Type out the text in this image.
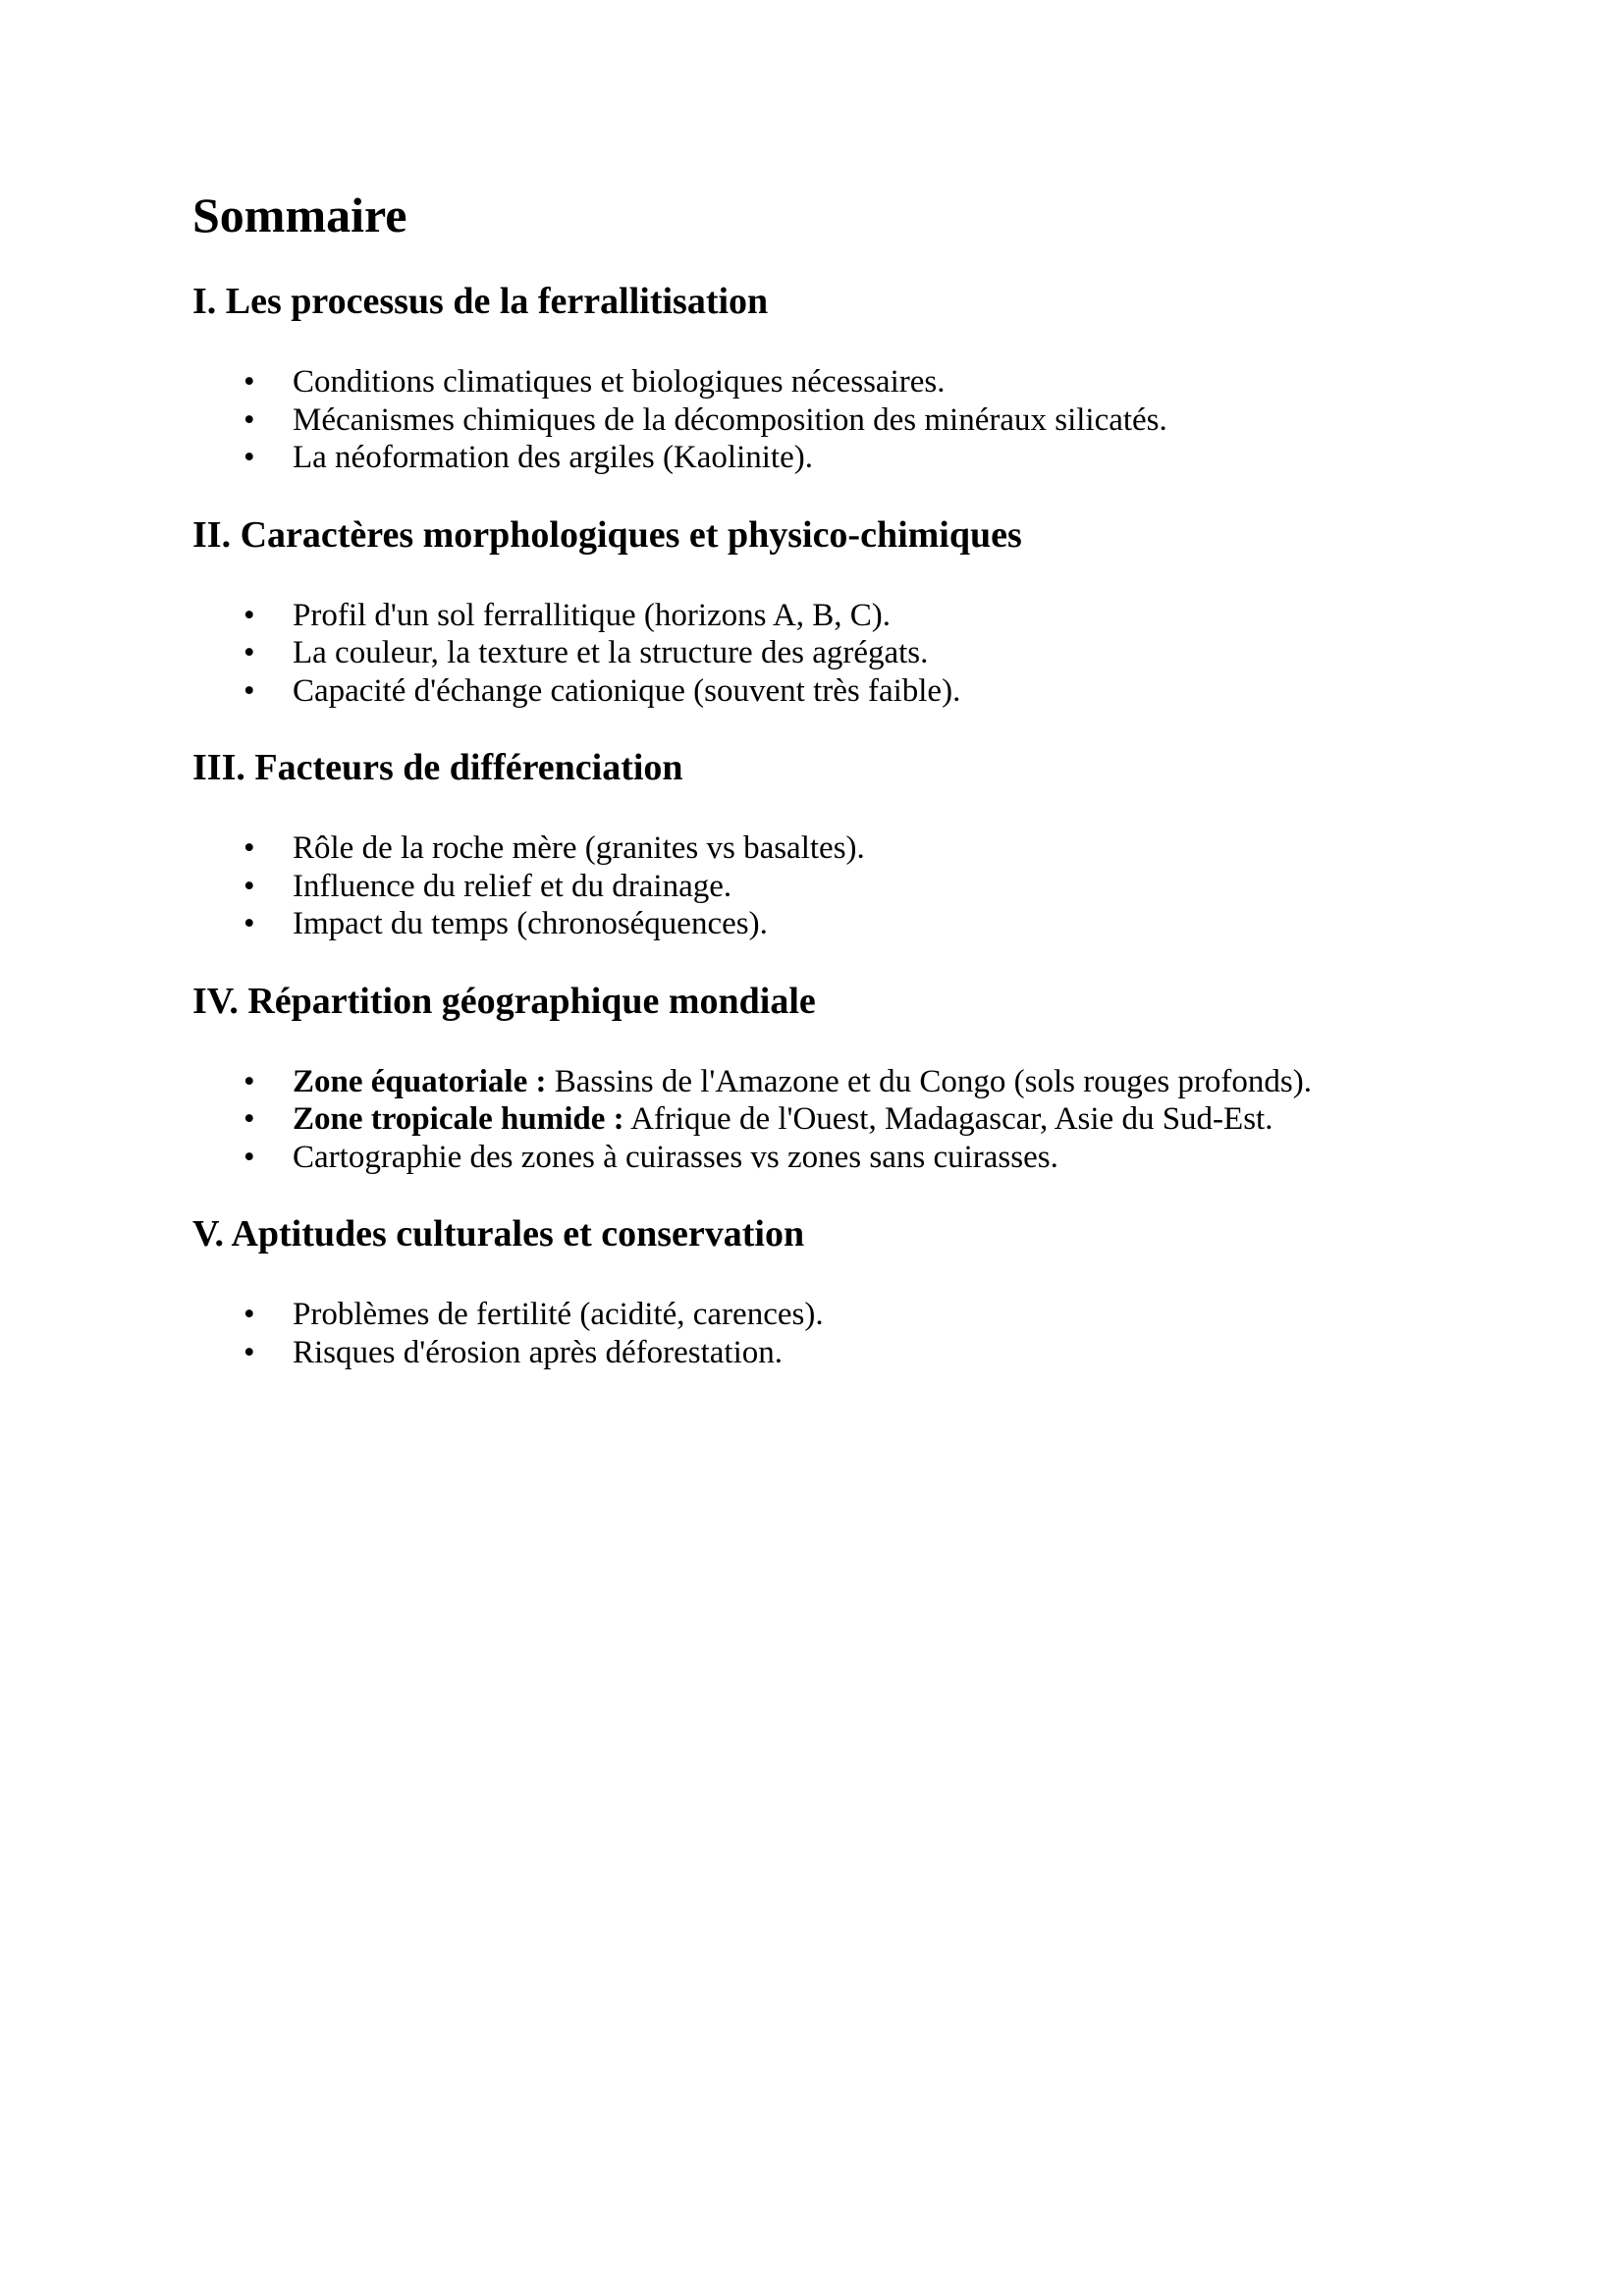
Sommaire
I. Les processus de la ferrallitisation
• Conditions climatiques et biologiques nécessaires.
• Mécanismes chimiques de la décomposition des minéraux silicatés.
• La néoformation des argiles (Kaolinite).
II. Caractères morphologiques et physico-chimiques
• Profil d'un sol ferrallitique (horizons A, B, C).
• La couleur, la texture et la structure des agrégats.
• Capacité d'échange cationique (souvent très faible).
III. Facteurs de différenciation
• Rôle de la roche mère (granites vs basaltes).
• Influence du relief et du drainage.
• Impact du temps (chronoséquences).
IV. Répartition géographique mondiale
• Zone équatoriale : Bassins de l'Amazone et du Congo (sols rouges profonds).
• Zone tropicale humide : Afrique de l'Ouest, Madagascar, Asie du Sud-Est.
• Cartographie des zones à cuirasses vs zones sans cuirasses.
V. Aptitudes culturales et conservation
• Problèmes de fertilité (acidité, carences).
• Risques d'érosion après déforestation.
